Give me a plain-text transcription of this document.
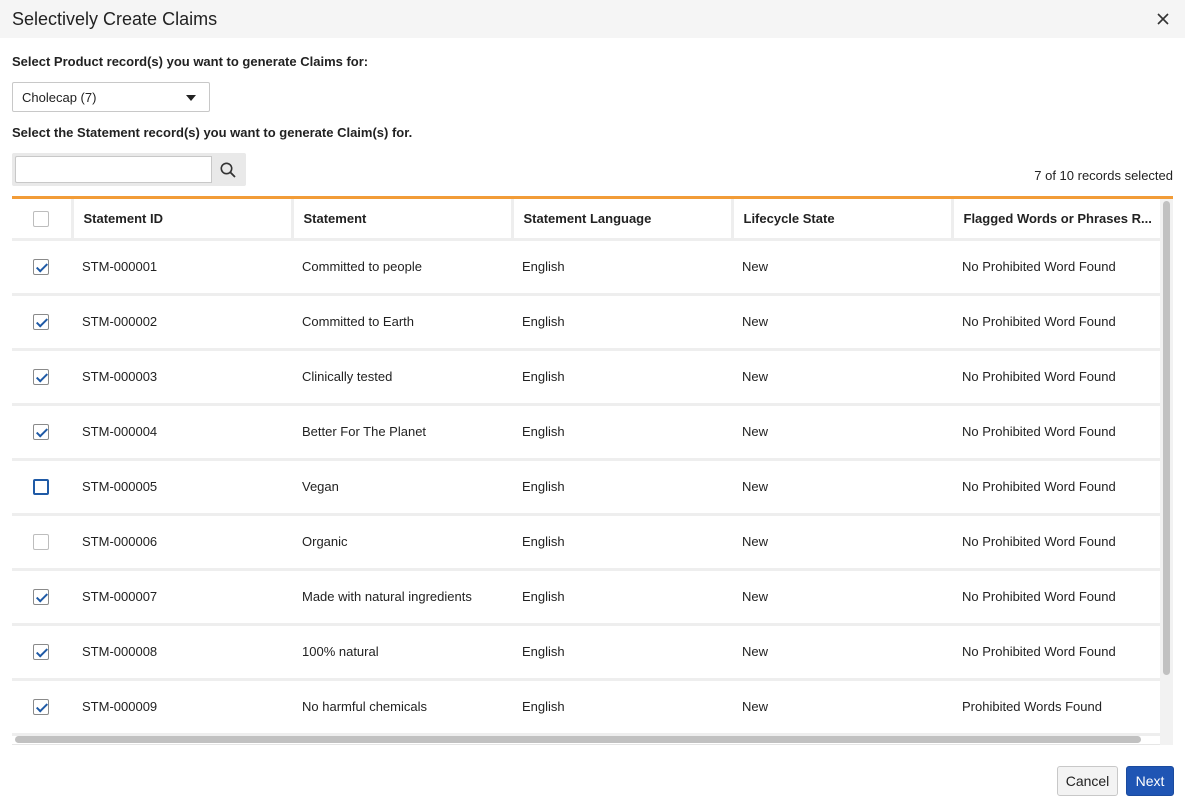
Selectively Create Claims
Select Product record(s) you want to generate Claims for:
Cholecap (7)
Select the Statement record(s) you want to generate Claim(s) for.
7 of 10 records selected
	Statement ID	Statement	Statement Language	Lifecycle State	Flagged Words or Phrases R...
	STM-000001	Committed to people	English	New	No Prohibited Word Found
	STM-000002	Committed to Earth	English	New	No Prohibited Word Found
	STM-000003	Clinically tested	English	New	No Prohibited Word Found
	STM-000004	Better For The Planet	English	New	No Prohibited Word Found
	STM-000005	Vegan	English	New	No Prohibited Word Found
	STM-000006	Organic	English	New	No Prohibited Word Found
	STM-000007	Made with natural ingredients	English	New	No Prohibited Word Found
	STM-000008	100% natural	English	New	No Prohibited Word Found
	STM-000009	No harmful chemicals	English	New	Prohibited Words Found
Cancel	Next
